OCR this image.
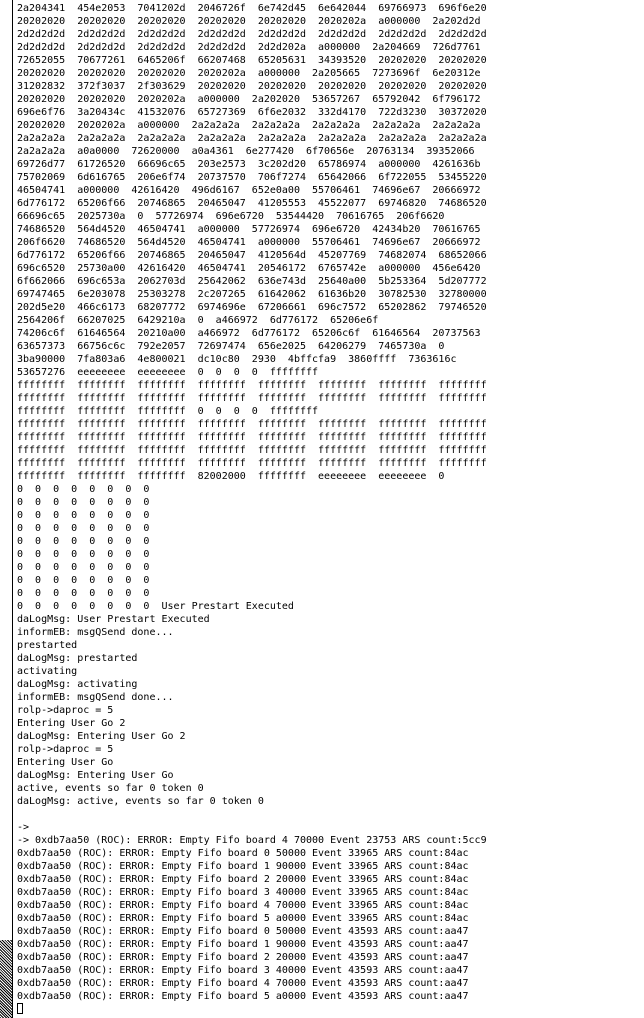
2a204341  454e2053  7041202d  2046726f  6e742d45  6e642044  69766973  696f6e20
20202020  20202020  20202020  20202020  20202020  2020202a  a000000  2a202d2d
2d2d2d2d  2d2d2d2d  2d2d2d2d  2d2d2d2d  2d2d2d2d  2d2d2d2d  2d2d2d2d  2d2d2d2d
2d2d2d2d  2d2d2d2d  2d2d2d2d  2d2d2d2d  2d2d202a  a000000  2a204669  726d7761
72652055  70677261  6465206f  66207468  65205631  34393520  20202020  20202020
20202020  20202020  20202020  2020202a  a000000  2a205665  7273696f  6e20312e
31202832  372f3037  2f303629  20202020  20202020  20202020  20202020  20202020
20202020  20202020  2020202a  a000000  2a202020  53657267  65792042  6f796172
696e6f76  3a20434c  41532076  65727369  6f6e2032  332d4170  722d3230  30372020
20202020  2020202a  a000000  2a2a2a2a  2a2a2a2a  2a2a2a2a  2a2a2a2a  2a2a2a2a
2a2a2a2a  2a2a2a2a  2a2a2a2a  2a2a2a2a  2a2a2a2a  2a2a2a2a  2a2a2a2a  2a2a2a2a
2a2a2a2a  a0a0000  72620000  a0a4361  6e277420  6f70656e  20763134  39352066
69726d77  61726520  66696c65  203e2573  3c202d20  65786974  a000000  4261636b
75702069  6d616765  206e6f74  20737570  706f7274  65642066  6f722055  53455220
46504741  a000000  42616420  496d6167  652e0a00  55706461  74696e67  20666972
6d776172  65206f66  20746865  20465047  41205553  45522077  69746820  74686520
66696c65  2025730a  0  57726974  696e6720  53544420  70616765  206f6620
74686520  564d4520  46504741  a000000  57726974  696e6720  42434b20  70616765
206f6620  74686520  564d4520  46504741  a000000  55706461  74696e67  20666972
6d776172  65206f66  20746865  20465047  4120564d  45207769  74682074  68652066
696c6520  25730a00  42616420  46504741  20546172  6765742e  a000000  456e6420
6f662066  696c653a  2062703d  25642062  636e743d  25640a00  5b253364  5d207772
69747465  6e203078  25303278  2c207265  61642062  61636b20  30782530  32780000
202d5e20  466c6173  68207772  6974696e  67206661  696c7572  65202862  79746520
2564206f  66207025  6429210a  0  a466972  6d776172  65206e6f
74206c6f  61646564  20210a00  a466972  6d776172  65206c6f  61646564  20737563
63657373  66756c6c  792e2057  72697474  656e2025  64206279  7465730a  0
3ba90000  7fa803a6  4e800021  dc10c80  2930  4bffcfa9  3860ffff  7363616c
53657276  eeeeeeee  eeeeeeee  0  0  0  0  ffffffff
ffffffff  ffffffff  ffffffff  ffffffff  ffffffff  ffffffff  ffffffff  ffffffff
ffffffff  ffffffff  ffffffff  ffffffff  ffffffff  ffffffff  ffffffff  ffffffff
ffffffff  ffffffff  ffffffff  0  0  0  0  ffffffff
ffffffff  ffffffff  ffffffff  ffffffff  ffffffff  ffffffff  ffffffff  ffffffff
ffffffff  ffffffff  ffffffff  ffffffff  ffffffff  ffffffff  ffffffff  ffffffff
ffffffff  ffffffff  ffffffff  ffffffff  ffffffff  ffffffff  ffffffff  ffffffff
ffffffff  ffffffff  ffffffff  ffffffff  ffffffff  ffffffff  ffffffff  ffffffff
ffffffff  ffffffff  ffffffff  82002000  ffffffff  eeeeeeee  eeeeeeee  0
0  0  0  0  0  0  0  0
0  0  0  0  0  0  0  0
0  0  0  0  0  0  0  0
0  0  0  0  0  0  0  0
0  0  0  0  0  0  0  0
0  0  0  0  0  0  0  0
0  0  0  0  0  0  0  0
0  0  0  0  0  0  0  0
0  0  0  0  0  0  0  0
0  0  0  0  0  0  0  0  User Prestart Executed
daLogMsg: User Prestart Executed
informEB: msgQSend done...
prestarted
daLogMsg: prestarted
activating
daLogMsg: activating
informEB: msgQSend done...
rolp->daproc = 5
Entering User Go 2
daLogMsg: Entering User Go 2
rolp->daproc = 5
Entering User Go
daLogMsg: Entering User Go
active, events so far 0 token 0
daLogMsg: active, events so far 0 token 0
->
-> 0xdb7aa50 (ROC): ERROR: Empty Fifo board 4 70000 Event 23753 ARS count:5cc9
0xdb7aa50 (ROC): ERROR: Empty Fifo board 0 50000 Event 33965 ARS count:84ac
0xdb7aa50 (ROC): ERROR: Empty Fifo board 1 90000 Event 33965 ARS count:84ac
0xdb7aa50 (ROC): ERROR: Empty Fifo board 2 20000 Event 33965 ARS count:84ac
0xdb7aa50 (ROC): ERROR: Empty Fifo board 3 40000 Event 33965 ARS count:84ac
0xdb7aa50 (ROC): ERROR: Empty Fifo board 4 70000 Event 33965 ARS count:84ac
0xdb7aa50 (ROC): ERROR: Empty Fifo board 5 a0000 Event 33965 ARS count:84ac
0xdb7aa50 (ROC): ERROR: Empty Fifo board 0 50000 Event 43593 ARS count:aa47
0xdb7aa50 (ROC): ERROR: Empty Fifo board 1 90000 Event 43593 ARS count:aa47
0xdb7aa50 (ROC): ERROR: Empty Fifo board 2 20000 Event 43593 ARS count:aa47
0xdb7aa50 (ROC): ERROR: Empty Fifo board 3 40000 Event 43593 ARS count:aa47
0xdb7aa50 (ROC): ERROR: Empty Fifo board 4 70000 Event 43593 ARS count:aa47
0xdb7aa50 (ROC): ERROR: Empty Fifo board 5 a0000 Event 43593 ARS count:aa47
